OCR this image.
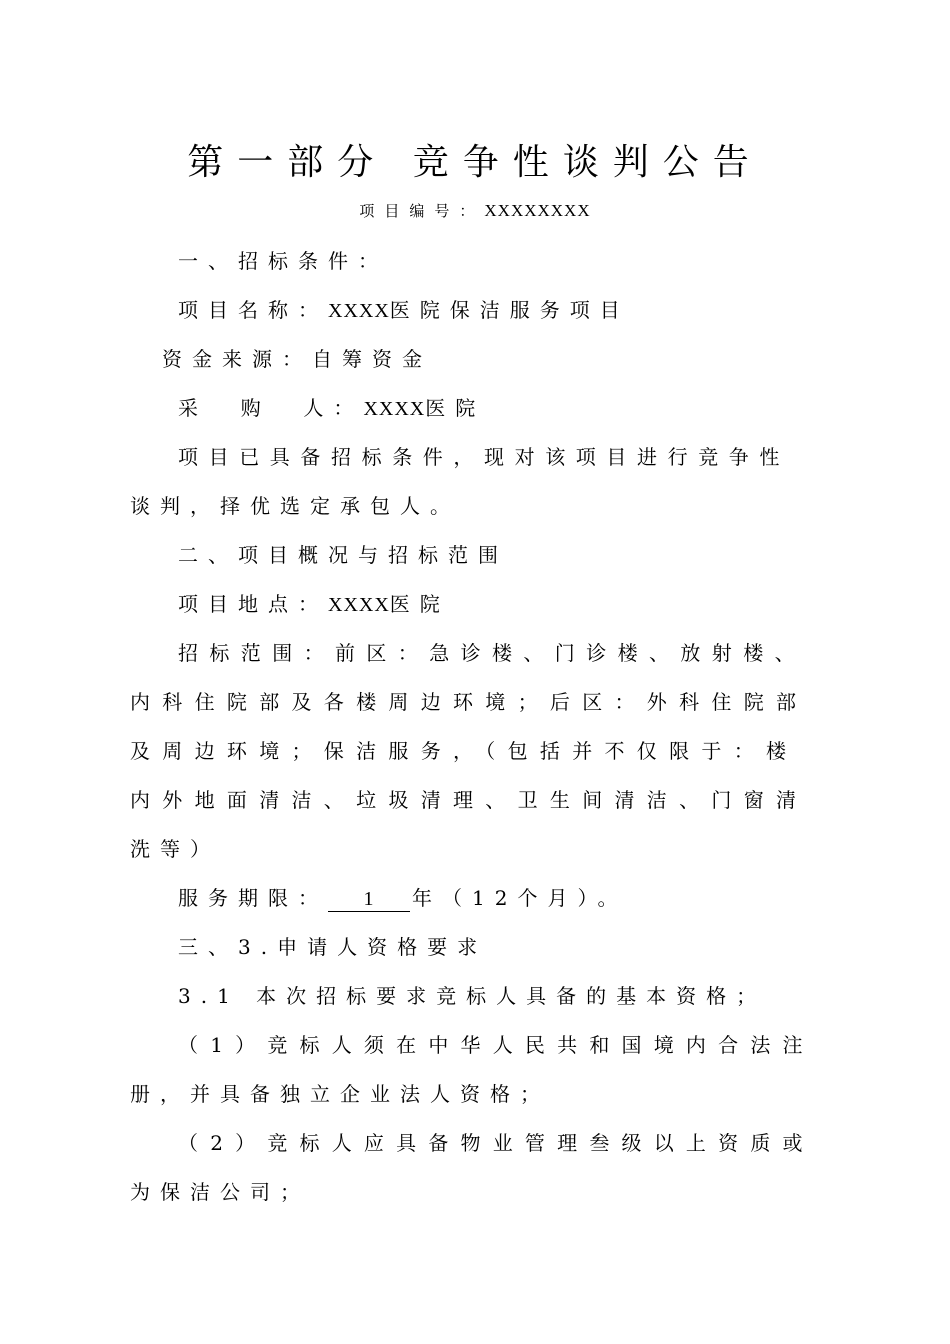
第一部分 竞争性谈判公告
项目编号：XXXXXXXX
一、招标条件：
项目名称：XXXX医院保洁服务项目
资金来源：自筹资金
采  购  人：XXXX医院
项目已具备招标条件，现对该项目进行竞争性
谈判，择优选定承包人。
二、项目概况与招标范围
项目地点：XXXX医院
招标范围：前区：急诊楼、门诊楼、放射楼、
内科住院部及各楼周边环境；后区：外科住院部
及周边环境；保洁服务，（包括并不仅限于：楼
内外地面清洁、垃圾清理、卫生间清洁、门窗清
洗等）
服务期限： 1 年（12个月）。
三、3.申请人资格要求
3.1 本次招标要求竞标人具备的基本资格；
（1）竞标人须在中华人民共和国境内合法注
册，并具备独立企业法人资格；
（2）竞标人应具备物业管理叁级以上资质或
为保洁公司；
